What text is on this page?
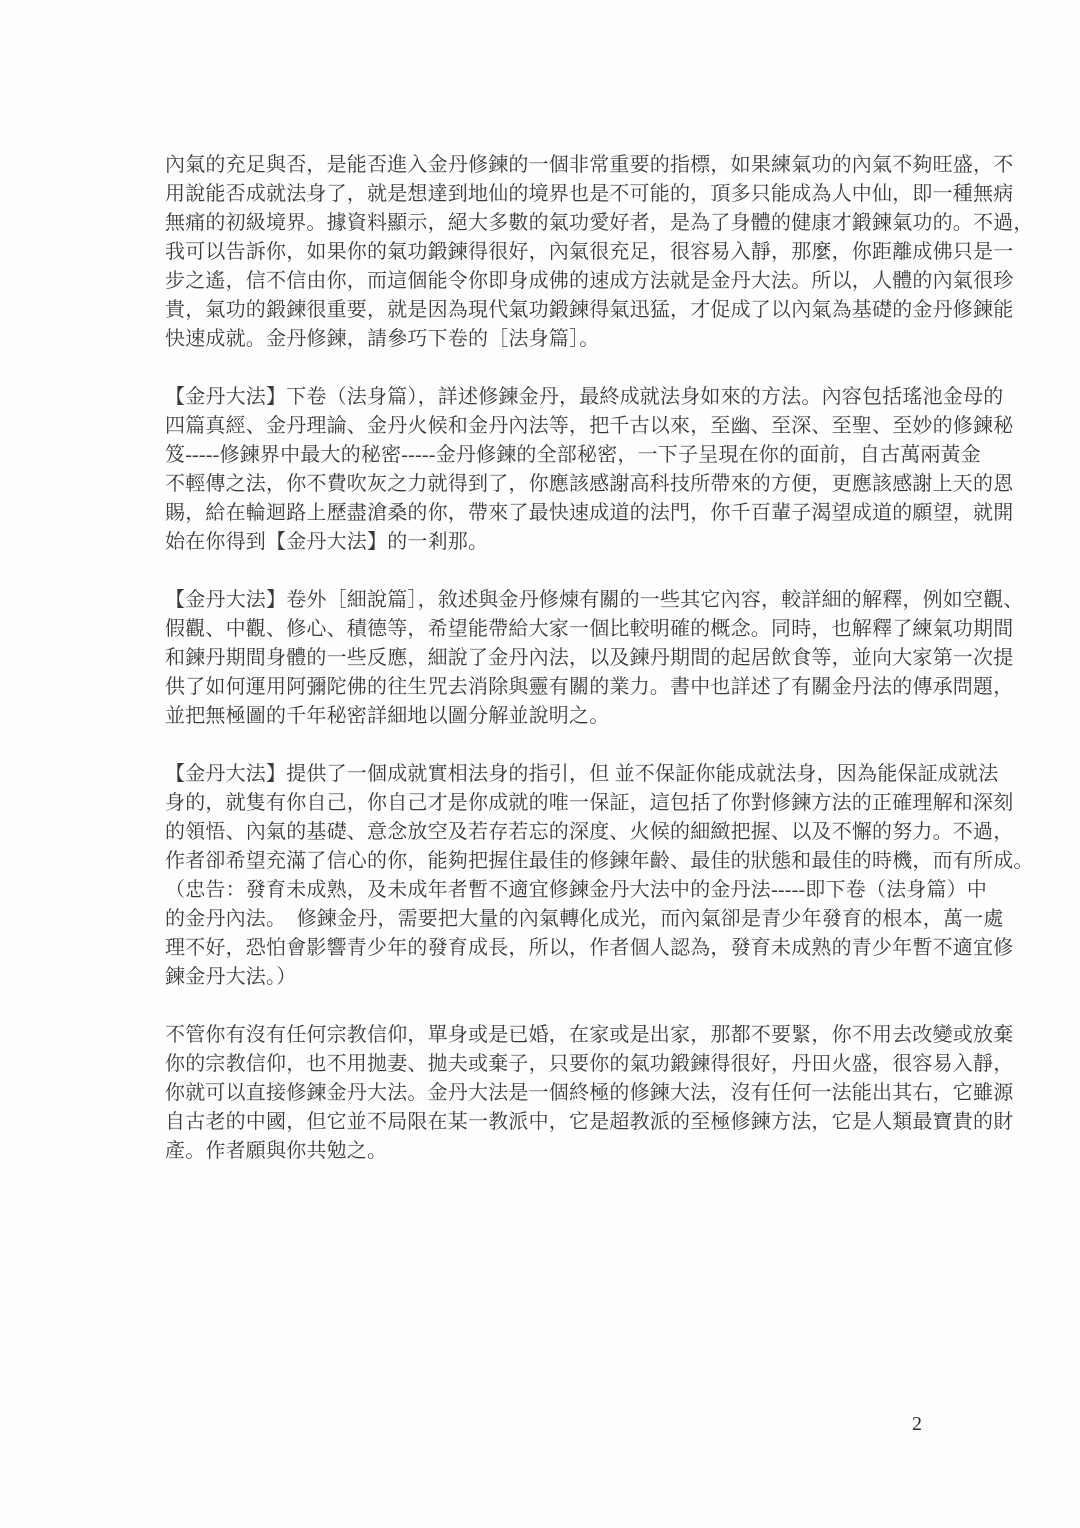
內氣的充足與否，是能否進入金丹修鍊的一個非常重要的指標，如果練氣功的內氣不夠旺盛，不
用說能否成就法身了，就是想達到地仙的境界也是不可能的，頂多只能成為人中仙，即一種無病
無痛的初級境界。據資料顯示，絕大多數的氣功愛好者，是為了身體的健康才鍛鍊氣功的。不過，
我可以告訴你，如果你的氣功鍛鍊得很好，內氣很充足，很容易入靜，那麼，你距離成佛只是一
步之遙，信不信由你，而這個能令你即身成佛的速成方法就是金丹大法。所以，人體的內氣很珍
貴，氣功的鍛鍊很重要，就是因為現代氣功鍛鍊得氣迅猛，才促成了以內氣為基礎的金丹修鍊能
快速成就。金丹修鍊，請參巧下卷的［法身篇］。
【金丹大法】下卷（法身篇），詳述修鍊金丹，最終成就法身如來的方法。內容包括瑤池金母的
四篇真經、金丹理論、金丹火候和金丹內法等，把千古以來，至幽、至深、至聖、至妙的修鍊秘
笈-----修鍊界中最大的秘密-----金丹修鍊的全部秘密，一下子呈現在你的面前，自古萬兩黃金
不輕傳之法，你不費吹灰之力就得到了，你應該感謝高科技所帶來的方便，更應該感謝上天的恩
賜，給在輪迴路上歷盡滄桑的你，帶來了最快速成道的法門，你千百輩子渴望成道的願望，就開
始在你得到【金丹大法】的一剎那。
【金丹大法】卷外［細說篇］，敘述與金丹修煉有關的一些其它內容，較詳細的解釋，例如空觀、
假觀、中觀、修心、積德等，希望能帶給大家一個比較明確的概念。同時，也解釋了練氣功期間
和鍊丹期間身體的一些反應，細說了金丹內法，以及鍊丹期間的起居飲食等，並向大家第一次提
供了如何運用阿彌陀佛的往生咒去消除與靈有關的業力。書中也詳述了有關金丹法的傳承問題，
並把無極圖的千年秘密詳細地以圖分解並說明之。
【金丹大法】提供了一個成就實相法身的指引，但 並不保証你能成就法身，因為能保証成就法
身的，就隻有你自己，你自己才是你成就的唯一保証，這包括了你對修鍊方法的正確理解和深刻
的領悟、內氣的基礎、意念放空及若存若忘的深度、火候的細緻把握、以及不懈的努力。不過，
作者卻希望充滿了信心的你，能夠把握住最佳的修鍊年齡、最佳的狀態和最佳的時機，而有所成。
（忠告：發育未成熟，及未成年者暫不適宜修鍊金丹大法中的金丹法-----即下卷（法身篇）中
的金丹內法。  修鍊金丹，需要把大量的內氣轉化成光，而內氣卻是青少年發育的根本，萬一處
理不好，恐怕會影響青少年的發育成長，所以，作者個人認為，發育未成熟的青少年暫不適宜修
鍊金丹大法。）
不管你有沒有任何宗教信仰，單身或是已婚，在家或是出家，那都不要緊，你不用去改變或放棄
你的宗教信仰，也不用拋妻、拋夫或棄子，只要你的氣功鍛鍊得很好，丹田火盛，很容易入靜，
你就可以直接修鍊金丹大法。金丹大法是一個終極的修鍊大法，沒有任何一法能出其右，它雖源
自古老的中國，但它並不局限在某一教派中，它是超教派的至極修鍊方法，它是人類最寶貴的財
產。作者願與你共勉之。
2
